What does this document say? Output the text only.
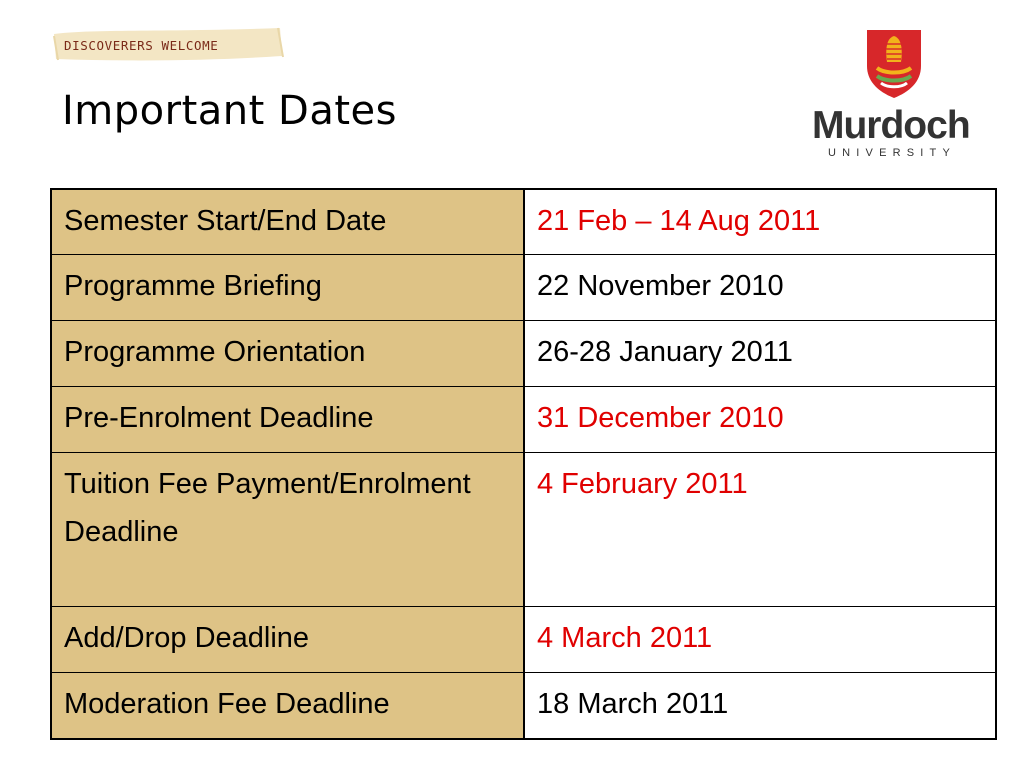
DISCOVERERS WELCOME
Important Dates	Murdoch
UNIVERSITY
Semester Start/End Date	21 Feb – 14 Aug 2011
Programme Briefing	22 November 2010
Programme Orientation	26-28 January 2011
Pre-Enrolment Deadline	31 December 2010
Tuition Fee Payment/Enrolment Deadline	4 February 2011
Add/Drop Deadline	4 March 2011
Moderation Fee Deadline	18 March 2011
